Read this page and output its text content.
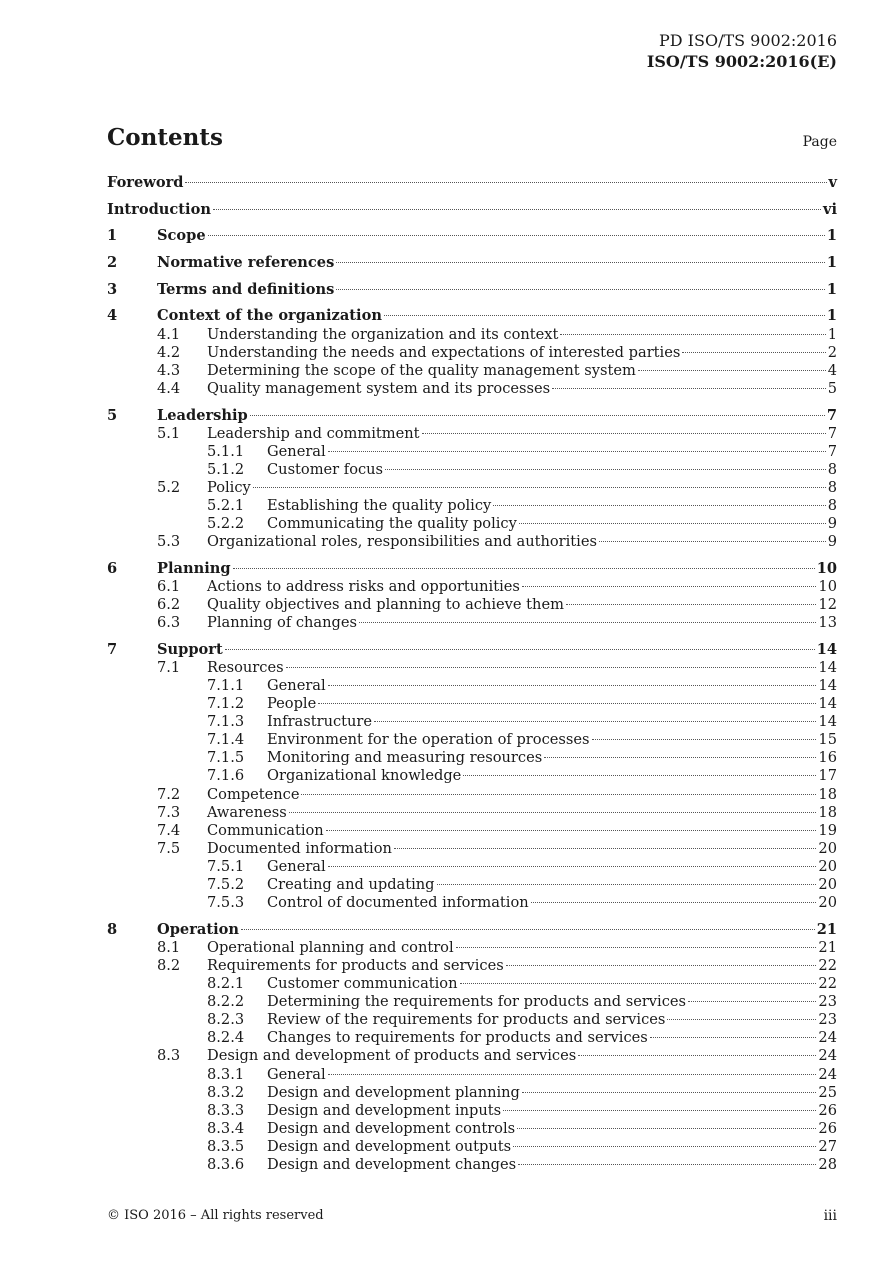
PD ISO/TS 9002:2016
ISO/TS 9002:2016(E)
Contents	Page
Foreword	v
Introduction	vi
1	Scope	1
2	Normative references	1
3	Terms and definitions	1
4	Context of the organization	1
4.1	Understanding the organization and its context	1
4.2	Understanding the needs and expectations of interested parties	2
4.3	Determining the scope of the quality management system	4
4.4	Quality management system and its processes	5
5	Leadership	7
5.1	Leadership and commitment	7
5.1.1	General	7
5.1.2	Customer focus	8
5.2	Policy	8
5.2.1	Establishing the quality policy	8
5.2.2	Communicating the quality policy	9
5.3	Organizational roles, responsibilities and authorities	9
6	Planning	10
6.1	Actions to address risks and opportunities	10
6.2	Quality objectives and planning to achieve them	12
6.3	Planning of changes	13
7	Support	14
7.1	Resources	14
7.1.1	General	14
7.1.2	People	14
7.1.3	Infrastructure	14
7.1.4	Environment for the operation of processes	15
7.1.5	Monitoring and measuring resources	16
7.1.6	Organizational knowledge	17
7.2	Competence	18
7.3	Awareness	18
7.4	Communication	19
7.5	Documented information	20
7.5.1	General	20
7.5.2	Creating and updating	20
7.5.3	Control of documented information	20
8	Operation	21
8.1	Operational planning and control	21
8.2	Requirements for products and services	22
8.2.1	Customer communication	22
8.2.2	Determining the requirements for products and services	23
8.2.3	Review of the requirements for products and services	23
8.2.4	Changes to requirements for products and services	24
8.3	Design and development of products and services	24
8.3.1	General	24
8.3.2	Design and development planning	25
8.3.3	Design and development inputs	26
8.3.4	Design and development controls	26
8.3.5	Design and development outputs	27
8.3.6	Design and development changes	28
© ISO 2016 – All rights reserved	iii
